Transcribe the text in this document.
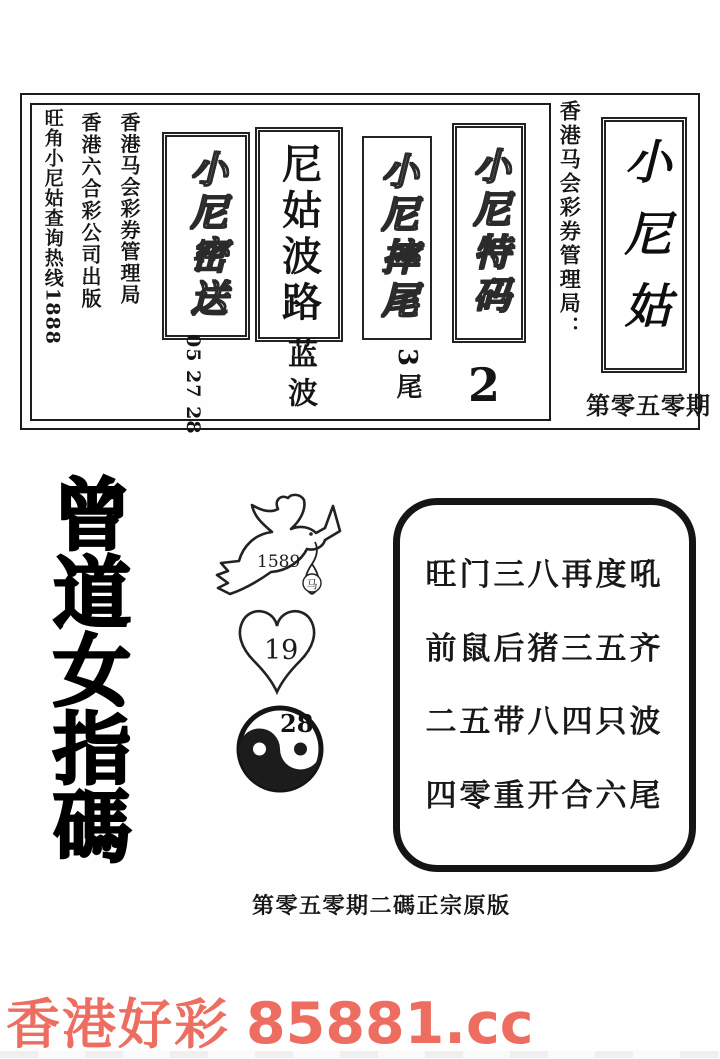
旺角小尼姑查询热线1888 香港六合彩公司出版 香港马会彩券管理局 小尼密送
05 27 28
尼姑波路
蓝波
小尼摔尾
3尾
小尼特码
2
香港马会彩券管理局： 小尼姑
第零五零期
曾道女指碼	1589
马
19
28
旺门三八再度吼
前鼠后猪三五齐
二五带八四只波
四零重开合六尾
第零五零期二碼正宗原版
香港好彩 85881.cc
